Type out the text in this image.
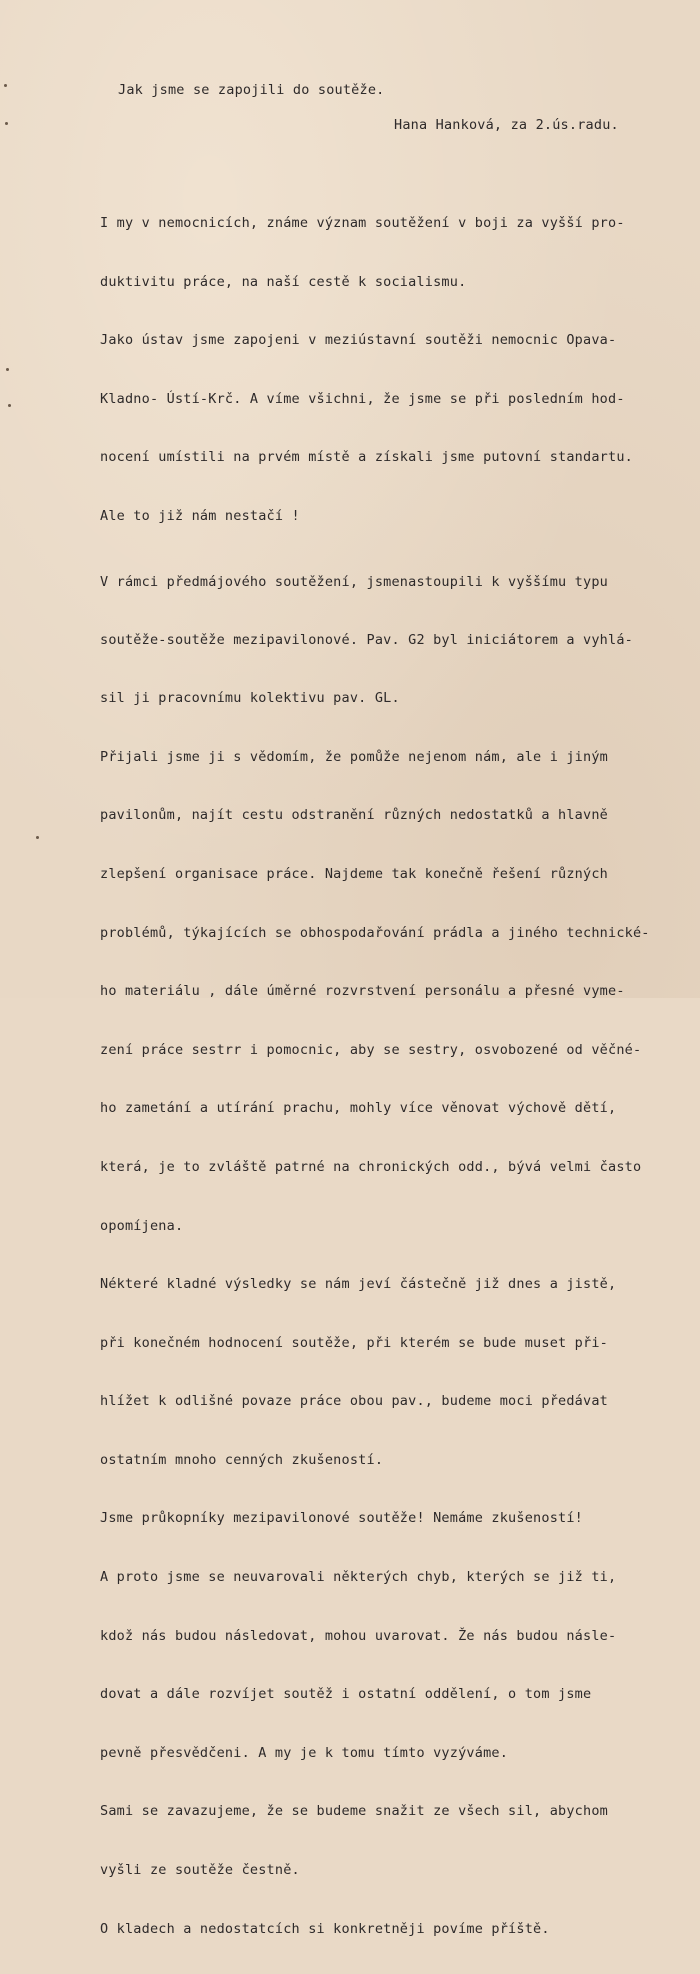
Jak jsme se zapojili do soutěže.
Hana Hanková, za 2.ús.radu.

I my v nemocnicích, známe význam soutěžení v boji za vyšší pro-

duktivitu práce, na naší cestě k socialismu.

Jako ústav jsme zapojeni v meziústavní soutěži nemocnic Opava-

Kladno- Ústí-Krč. A víme všichni, že jsme se při posledním hod-

nocení umístili na prvém místě a získali jsme putovní standartu.

Ale to již nám nestačí !

V rámci předmájového soutěžení, jsmenastoupili k vyššímu typu

soutěže-soutěže mezipavilonové. Pav. G2 byl iniciátorem a vyhlá-

sil ji pracovnímu kolektivu pav. GL.

Přijali jsme ji s vědomím, že pomůže nejenom nám, ale i jiným

pavilonům, najít cestu odstranění různých nedostatků a hlavně

zlepšení organisace práce. Najdeme tak konečně řešení různých

problémů, týkajících se obhospodařování prádla a jiného technické-

ho materiálu , dále úměrné rozvrstvení personálu a přesné vyme-

zení práce sestrr i pomocnic, aby se sestry, osvobozené od věčné-

ho zametání a utírání prachu, mohly více věnovat výchově dětí,

která, je to zvláště patrné na chronických odd., bývá velmi často

opomíjena.

Nékteré kladné výsledky se nám jeví částečně již dnes a jistě,

při konečném hodnocení soutěže, při kterém se bude muset při-

hlížet k odlišné povaze práce obou pav., budeme moci předávat

ostatním mnoho cenných zkušeností.

Jsme průkopníky mezipavilonové soutěže! Nemáme zkušeností!

A proto jsme se neuvarovali některých chyb, kterých se již ti,

kdož nás budou následovat, mohou uvarovat. Že nás budou násle-

dovat a dále rozvíjet soutěž i ostatní oddělení, o tom jsme

pevně přesvědčeni. A my je k tomu tímto vyzýváme.

Sami se zavazujeme, že se budeme snažit ze všech sil, abychom

vyšli ze soutěže čestně.

O kladech a nedostatcích si konkretněji povíme příště.
